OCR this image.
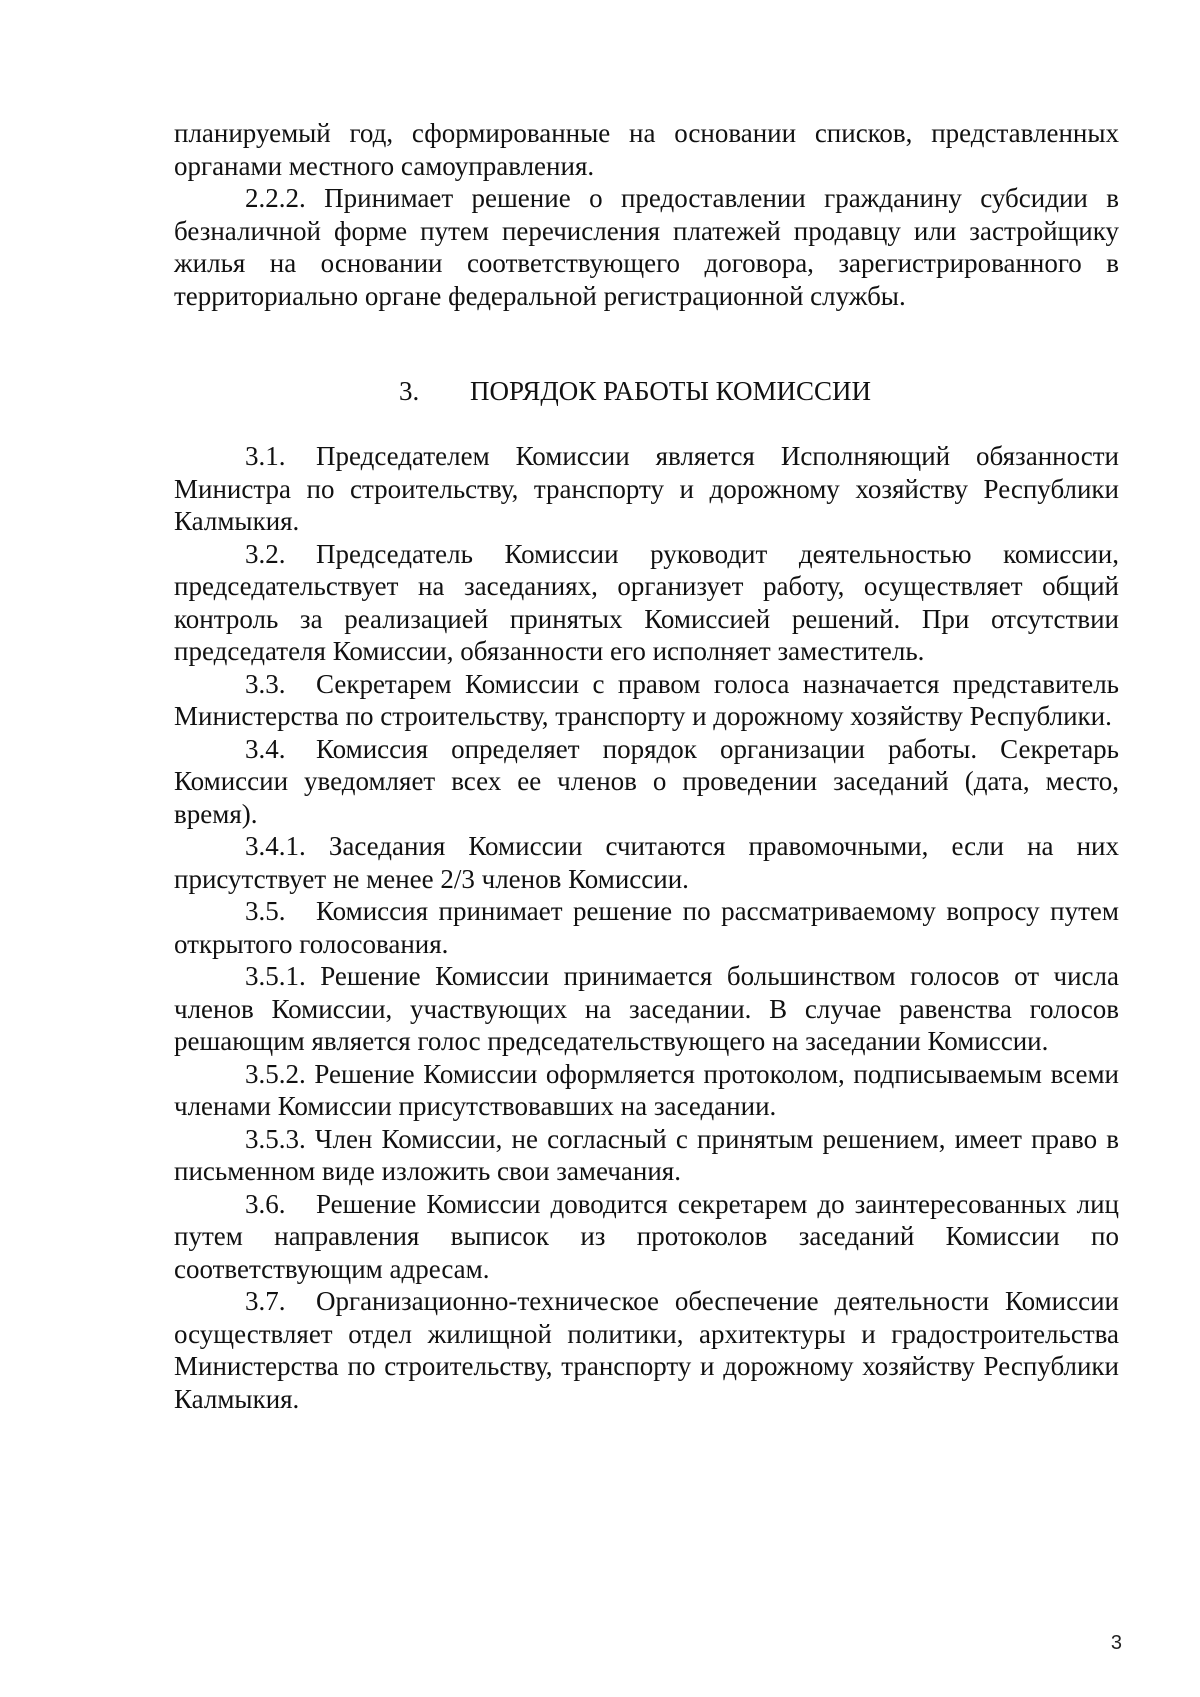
планируемый год, сформированные на основании списков, представленных органами местного самоуправления.

2.2.2. Принимает решение о предоставлении гражданину субсидии в безналичной форме путем перечисления платежей продавцу или застройщику жилья на основании соответствующего договора, зарегистрированного в территориально органе федеральной регистрационной службы.

3. ПОРЯДОК РАБОТЫ КОМИССИИ

3.1. Председателем Комиссии является Исполняющий обязанности Министра по строительству, транспорту и дорожному хозяйству Республики Калмыкия.

3.2. Председатель Комиссии руководит деятельностью комиссии, председательствует на заседаниях, организует работу, осуществляет общий контроль за реализацией принятых Комиссией решений. При отсутствии председателя Комиссии, обязанности его исполняет заместитель.

3.3. Секретарем Комиссии с правом голоса назначается представитель Министерства по строительству, транспорту и дорожному хозяйству Республики.

3.4. Комиссия определяет порядок организации работы. Секретарь Комиссии уведомляет всех ее членов о проведении заседаний (дата, место, время).

3.4.1. Заседания Комиссии считаются правомочными, если на них присутствует не менее 2/3 членов Комиссии.

3.5. Комиссия принимает решение по рассматриваемому вопросу путем открытого голосования.

3.5.1. Решение Комиссии принимается большинством голосов от числа членов Комиссии, участвующих на заседании. В случае равенства голосов решающим является голос председательствующего на заседании Комиссии.

3.5.2. Решение Комиссии оформляется протоколом, подписываемым всеми членами Комиссии присутствовавших на заседании.

3.5.3. Член Комиссии, не согласный с принятым решением, имеет право в письменном виде изложить свои замечания.

3.6. Решение Комиссии доводится секретарем до заинтересованных лиц путем направления выписок из протоколов заседаний Комиссии по соответствующим адресам.

3.7. Организационно-техническое обеспечение деятельности Комиссии осуществляет отдел жилищной политики, архитектуры и градостроительства Министерства по строительству, транспорту и дорожному хозяйству Республики Калмыкия.

3
